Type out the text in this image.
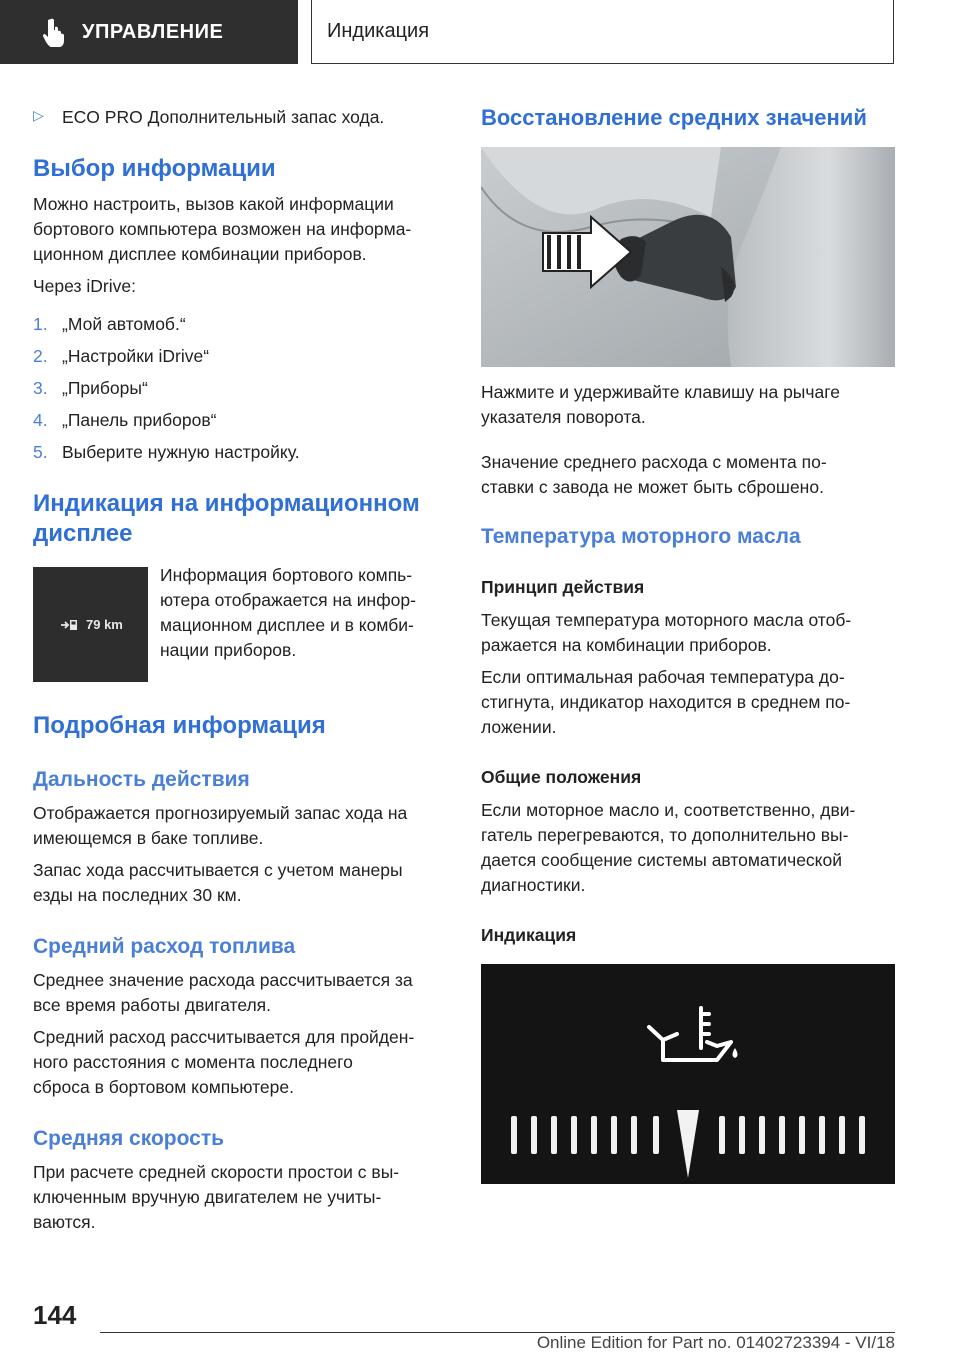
УПРАВЛЕНИЕ	Индикация
▷ ECO PRO Дополнительный запас хода.
Выбор информации

Можно настроить, вызов какой информации

бортового компьютера возможен на информа‐

ционном дисплее комбинации приборов.

Через iDrive:

1. „Мой автомоб.“
2. „Настройки iDrive“
3. „Приборы“
4. „Панель приборов“
5. Выберите нужную настройку.
Индикация на информационном
дисплее
79 km

Информация бортового компь‐

ютера отображается на инфор‐

мационном дисплее и в комби‐

нации приборов.

Подробная информация
Дальность действия

Отображается прогнозируемый запас хода на

имеющемся в баке топливе.

Запас хода рассчитывается с учетом манеры

езды на последних 30 км.

Средний расход топлива

Среднее значение расхода рассчитывается за

все время работы двигателя.

Средний расход рассчитывается для пройден‐

ного расстояния с момента последнего

сброса в бортовом компьютере.

Средняя скорость

При расчете средней скорости простои с вы‐

ключенным вручную двигателем не учиты‐

ваются.

Восстановление средних значений

Нажмите и удерживайте клавишу на рычаге

указателя поворота.

Значение среднего расхода с момента по‐

ставки с завода не может быть сброшено.

Температура моторного масла
Принцип действия

Текущая температура моторного масла отоб‐

ражается на комбинации приборов.

Если оптимальная рабочая температура до‐

стигнута, индикатор находится в среднем по‐

ложении.

Общие положения

Если моторное масло и, соответственно, дви‐

гатель перегреваются, то дополнительно вы‐

дается сообщение системы автоматической

диагностики.

Индикация
144
Online Edition for Part no. 01402723394 - VI/18
